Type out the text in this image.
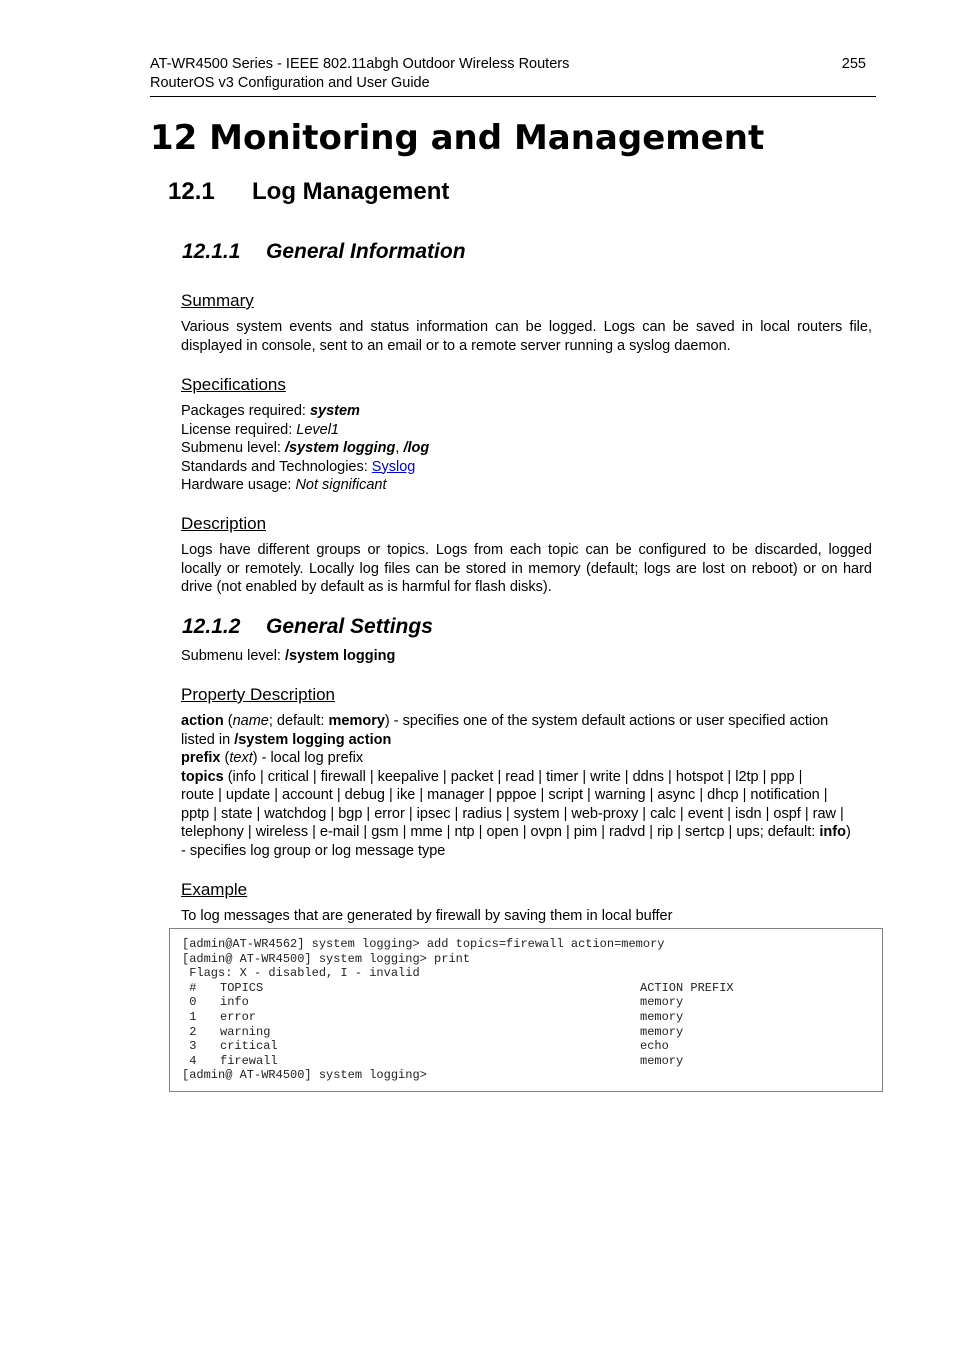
AT-WR4500 Series - IEEE 802.11abgh Outdoor Wireless Routers
RouterOS v3 Configuration and User Guide
255
12 Monitoring and Management
12.1 Log Management
12.1.1 General Information
Summary
Various system events and status information can be logged. Logs can be saved in local routers file, displayed in console, sent to an email or to a remote server running a syslog daemon.
Specifications
Packages required: system
License required: Level1
Submenu level: /system logging, /log
Standards and Technologies: Syslog
Hardware usage: Not significant
Description
Logs have different groups or topics. Logs from each topic can be configured to be discarded, logged locally or remotely. Locally log files can be stored in memory (default; logs are lost on reboot) or on hard drive (not enabled by default as is harmful for flash disks).
12.1.2 General Settings
Submenu level: /system logging
Property Description
action (name; default: memory) - specifies one of the system default actions or user specified action
listed in /system logging action
prefix (text) - local log prefix
topics (info | critical | firewall | keepalive | packet | read | timer | write | ddns | hotspot | l2tp | ppp |
route | update | account | debug | ike | manager | pppoe | script | warning | async | dhcp | notification |
pptp | state | watchdog | bgp | error | ipsec | radius | system | web-proxy | calc | event | isdn | ospf | raw |
telephony | wireless | e-mail | gsm | mme | ntp | open | ovpn | pim | radvd | rip | sertcp | ups; default: info)
- specifies log group or log message type
Example
To log messages that are generated by firewall by saving them in local buffer
[admin@AT-WR4562] system logging> add topics=firewall action=memory
[admin@ AT-WR4500] system logging> print
Flags: X - disabled, I - invalid
# TOPICS	ACTION PREFIX
0 info	memory
1 error	memory
2 warning	memory
3 critical	echo
4 firewall	memory
[admin@ AT-WR4500] system logging>
